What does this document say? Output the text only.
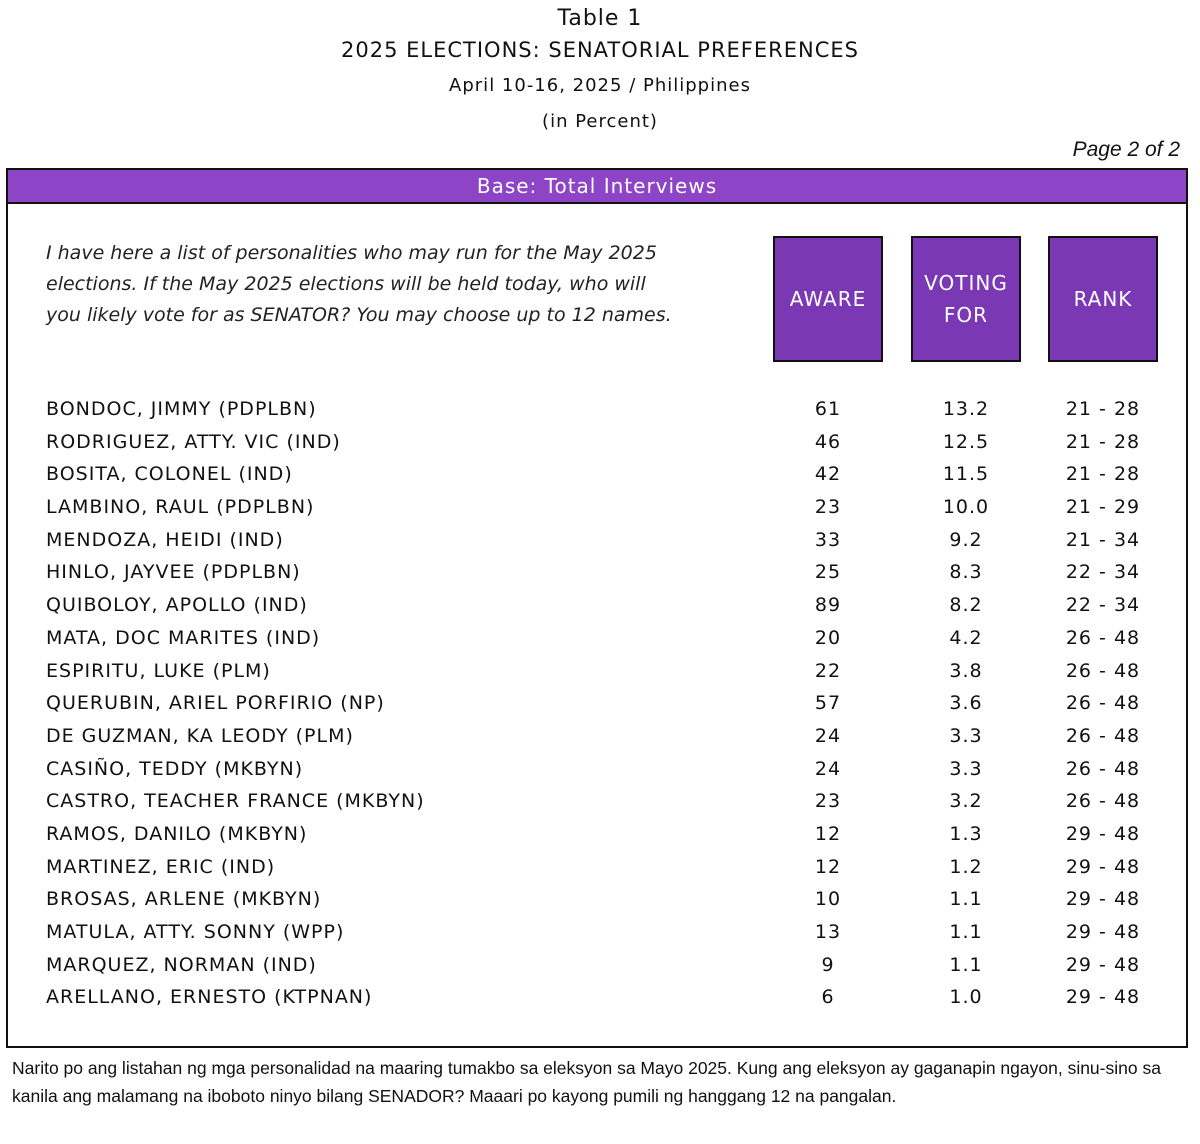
Table 1
2025 ELECTIONS: SENATORIAL PREFERENCES
April 10-16, 2025 / Philippines
(in Percent)
Page 2 of 2
Base: Total Interviews
I have here a list of personalities who may run for the May 2025 elections. If the May 2025 elections will be held today, who will you likely vote for as SENATOR? You may choose up to 12 names.
AWARE
VOTING
FOR
RANK
BONDOC, JIMMY (PDPLBN)	61	13.2	21 - 28
RODRIGUEZ, ATTY. VIC (IND)	46	12.5	21 - 28
BOSITA, COLONEL (IND)	42	11.5	21 - 28
LAMBINO, RAUL (PDPLBN)	23	10.0	21 - 29
MENDOZA, HEIDI (IND)	33	9.2	21 - 34
HINLO, JAYVEE (PDPLBN)	25	8.3	22 - 34
QUIBOLOY, APOLLO (IND)	89	8.2	22 - 34
MATA, DOC MARITES (IND)	20	4.2	26 - 48
ESPIRITU, LUKE (PLM)	22	3.8	26 - 48
QUERUBIN, ARIEL PORFIRIO (NP)	57	3.6	26 - 48
DE GUZMAN, KA LEODY (PLM)	24	3.3	26 - 48
CASIÑO, TEDDY (MKBYN)	24	3.3	26 - 48
CASTRO, TEACHER FRANCE (MKBYN)	23	3.2	26 - 48
RAMOS, DANILO (MKBYN)	12	1.3	29 - 48
MARTINEZ, ERIC (IND)	12	1.2	29 - 48
BROSAS, ARLENE (MKBYN)	10	1.1	29 - 48
MATULA, ATTY. SONNY (WPP)	13	1.1	29 - 48
MARQUEZ, NORMAN (IND)	9	1.1	29 - 48
ARELLANO, ERNESTO (KTPNAN)	6	1.0	29 - 48
Narito po ang listahan ng mga personalidad na maaring tumakbo sa eleksyon sa Mayo 2025. Kung ang eleksyon ay gaganapin ngayon, sinu-sino sa kanila ang malamang na iboboto ninyo bilang SENADOR? Maaari po kayong pumili ng hanggang 12 na pangalan.
